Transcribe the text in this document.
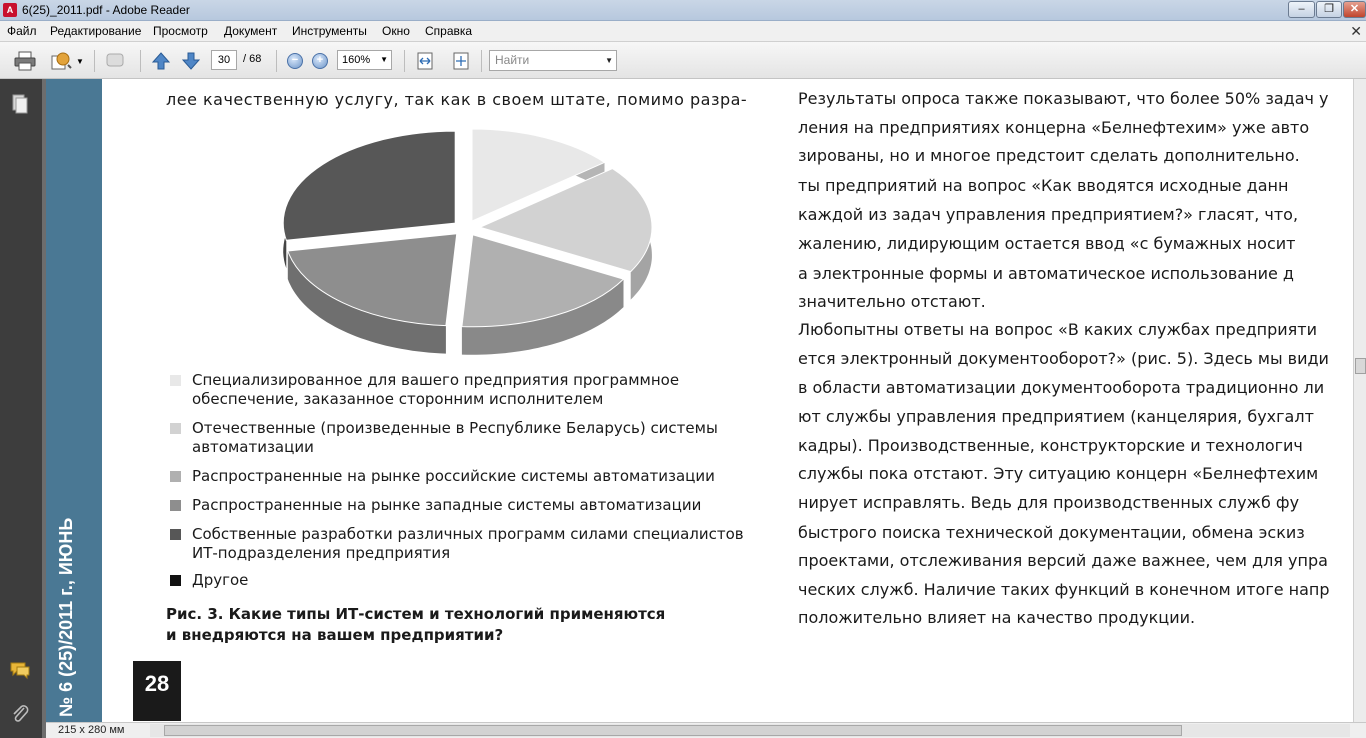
A 6(25)_2011.pdf - Adobe Reader	–	❐	✕
Файл Редактирование Просмотр Документ Инструменты Окно Справка	✕
▼	−	+
30	/ 68	160% ▼	Найти	▼
№ 6 (25)/2011 г., ИЮНЬ	28
лее качественную услугу, так как в своем штате, помимо разра-
Специализированное для вашего предприятия программное
обеспечение, заказанное сторонним исполнителем
Отечественные (произведенные в Республике Беларусь) системы
автоматизации
Распространенные на рынке российские системы автоматизации
Распространенные на рынке западные системы автоматизации
Собственные разработки различных программ силами специалистов
ИТ-подразделения предприятия
Другое
Рис. 3. Какие типы ИТ-систем и технологий применяются
и внедряются на вашем предприятии?
Результаты опроса также показывают, что более 50% задач у
ления на предприятиях концерна «Белнефтехим» уже авто
зированы, но и многое предстоит сделать дополнительно.
ты предприятий на вопрос «Как вводятся исходные данн
каждой из задач управления предприятием?» гласят, что,
жалению, лидирующим остается ввод «с бумажных носит
а электронные формы и автоматическое использование д
значительно отстают.
Любопытны ответы на вопрос «В каких службах предприяти
ется электронный документооборот?» (рис. 5). Здесь мы види
в области автоматизации документооборота традиционно ли
ют службы управления предприятием (канцелярия, бухгалт
кадры). Производственные, конструкторские и технологич
службы пока отстают. Эту ситуацию концерн «Белнефтехим
нирует исправлять. Ведь для производственных служб фу
быстрого поиска технической документации, обмена эскиз
проектами, отслеживания версий даже важнее, чем для упра
ческих служб. Наличие таких функций в конечном итоге напр
положительно влияет на качество продукции.
215 x 280 мм
